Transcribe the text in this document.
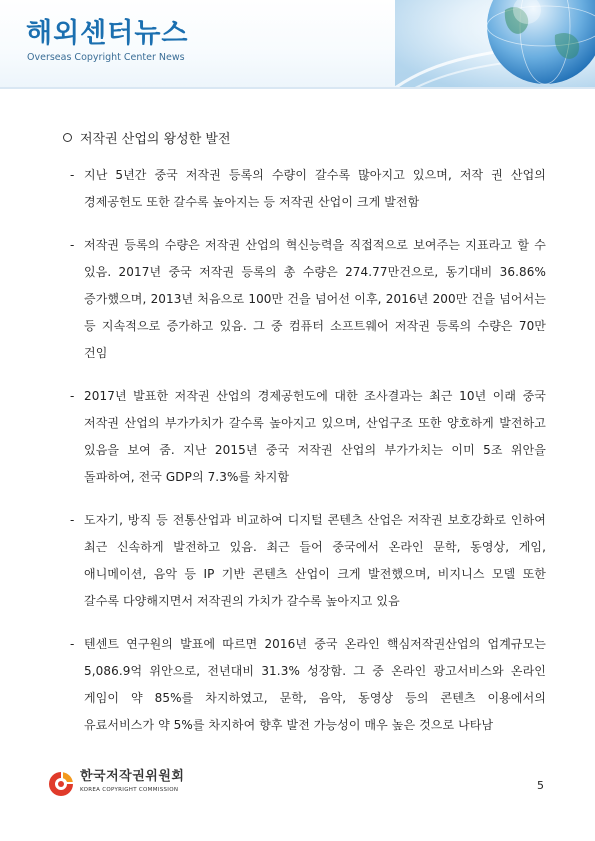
해외센터뉴스
Overseas Copyright Center News
저작권 산업의 왕성한 발전
- 지난 5년간 중국 저작권 등록의 수량이 갈수록 많아지고 있으며, 저작 권 산업의 경제공헌도 또한 갈수록 높아지는 등 저작권 산업이 크게 발전함
- 저작권 등록의 수량은 저작권 산업의 혁신능력을 직접적으로 보여주는 지표라고 할 수 있음. 2017년 중국 저작권 등록의 총 수량은 274.77만건으로, 동기대비 36.86% 증가했으며, 2013년 처음으로 100만 건을 넘어선 이후, 2016년 200만 건을 넘어서는 등 지속적으로 증가하고 있음. 그 중 컴퓨터 소프트웨어 저작권 등록의 수량은 70만 건임
- 2017년 발표한 저작권 산업의 경제공헌도에 대한 조사결과는 최근 10년 이래 중국 저작권 산업의 부가가치가 갈수록 높아지고 있으며, 산업구조 또한 양호하게 발전하고 있음을 보여 줌. 지난 2015년 중국 저작권 산업의 부가가치는 이미 5조 위안을 돌파하여, 전국 GDP의 7.3%를 차지함
- 도자기, 방직 등 전통산업과 비교하여 디지털 콘텐츠 산업은 저작권 보호강화로 인하여 최근 신속하게 발전하고 있음. 최근 들어 중국에서 온라인 문학, 동영상, 게임, 애니메이션, 음악 등 IP 기반 콘텐츠 산업이 크게 발전했으며, 비지니스 모델 또한 갈수록 다양해지면서 저작권의 가치가 갈수록 높아지고 있음
- 텐센트 연구원의 발표에 따르면 2016년 중국 온라인 핵심저작권산업의 업계규모는 5,086.9억 위안으로, 전년대비 31.3% 성장함. 그 중 온라인 광고서비스와 온라인 게임이 약 85%를 차지하였고, 문학, 음악, 동영상 등의 콘텐츠 이용에서의 유료서비스가 약 5%를 차지하여 향후 발전 가능성이 매우 높은 것으로 나타남
한국저작권위원회
KOREA COPYRIGHT COMMISSION	5
